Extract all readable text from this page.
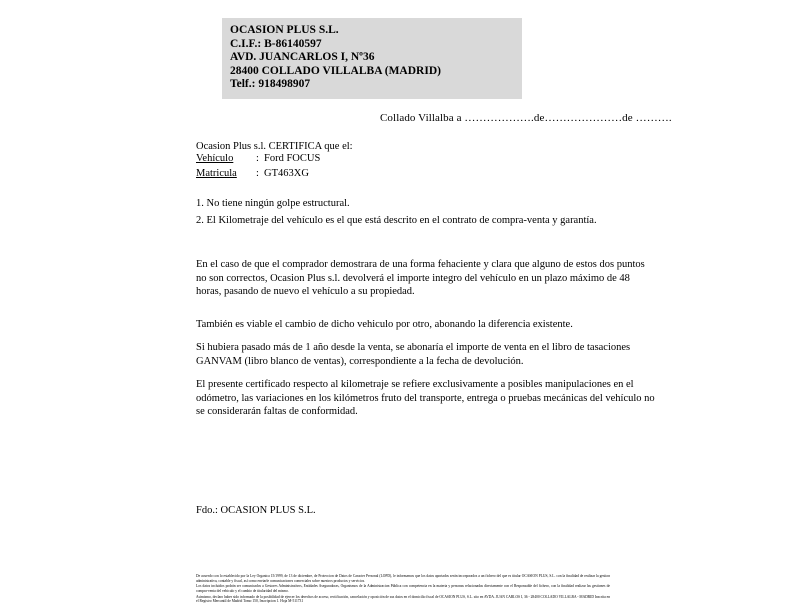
OCASION PLUS S.L.
C.I.F.: B-86140597
AVD. JUANCARLOS I, Nº36
28400 COLLADO VILLALBA (MADRID)
Telf.: 918498907
Collado Villalba a ……………….de…………………de ……….
Ocasion Plus s.l. CERTIFICA que el:
Vehículo	: Ford FOCUS
Matricula	: GT463XG
1. No tiene ningún golpe estructural.
2. El Kilometraje del vehículo es el que está descrito en el contrato de compra-venta y garantía.
En el caso de que el comprador demostrara de una forma fehaciente y clara que alguno de estos dos puntos no son correctos, Ocasion Plus s.l. devolverá el importe integro del vehículo en un plazo máximo de 48 horas, pasando de nuevo el vehículo a su propiedad.
También es viable el cambio de dicho vehiculo por otro, abonando la diferencia existente.
Si hubiera pasado más de 1 año desde la venta, se abonaría el importe de venta en el libro de tasaciones GANVAM (libro blanco de ventas), correspondiente a la fecha de devolución.
El presente certificado respecto al kilometraje se refiere exclusivamente a posibles manipulaciones en el odómetro, las variaciones en los kilómetros fruto del transporte, entrega o pruebas mecánicas del vehículo no se considerarán faltas de conformidad.
Fdo.: OCASION PLUS S.L.

De acuerdo con lo establecido por la Ley Organica 15/1999, de 13 de diciembre, de Proteccion de Datos de Caracter Personal (LOPD), le informamos que los datos aportados serán incorporados a un fichero del que es titular OCASION PLUS, S.L. con la finalidad de realizar la gestion administrativa, contable y fiscal, así como enviarle comunicaciones comerciales sobre nuestros productos y servicios.

Los datos incluidos podrán ser comunicados a Gestores Administrativos, Entidades Aseguradoras, Organismos de la Administracion Pública con competencia en la materia y personas relacionadas directamente con el Responsable del fichero, con la finalidad realizar las gestiones de compra-venta del vehiculo y el cambio de titularidad del mismo.

Asimismo, declaro haber sido informado de la posibilidad de ejercer los derechos de acceso, rectificación, cancelación y oposición de sus datos en el domicilio fiscal de OCASION PLUS, S.L. sito en AVDA. JUAN CARLOS I, 36 - 28400 COLLADO VILLALBA - MADRID Inscrita en el Registro Mercantil de Madrid Tomo 150, Inscripcion 1. Hoja M-511731
